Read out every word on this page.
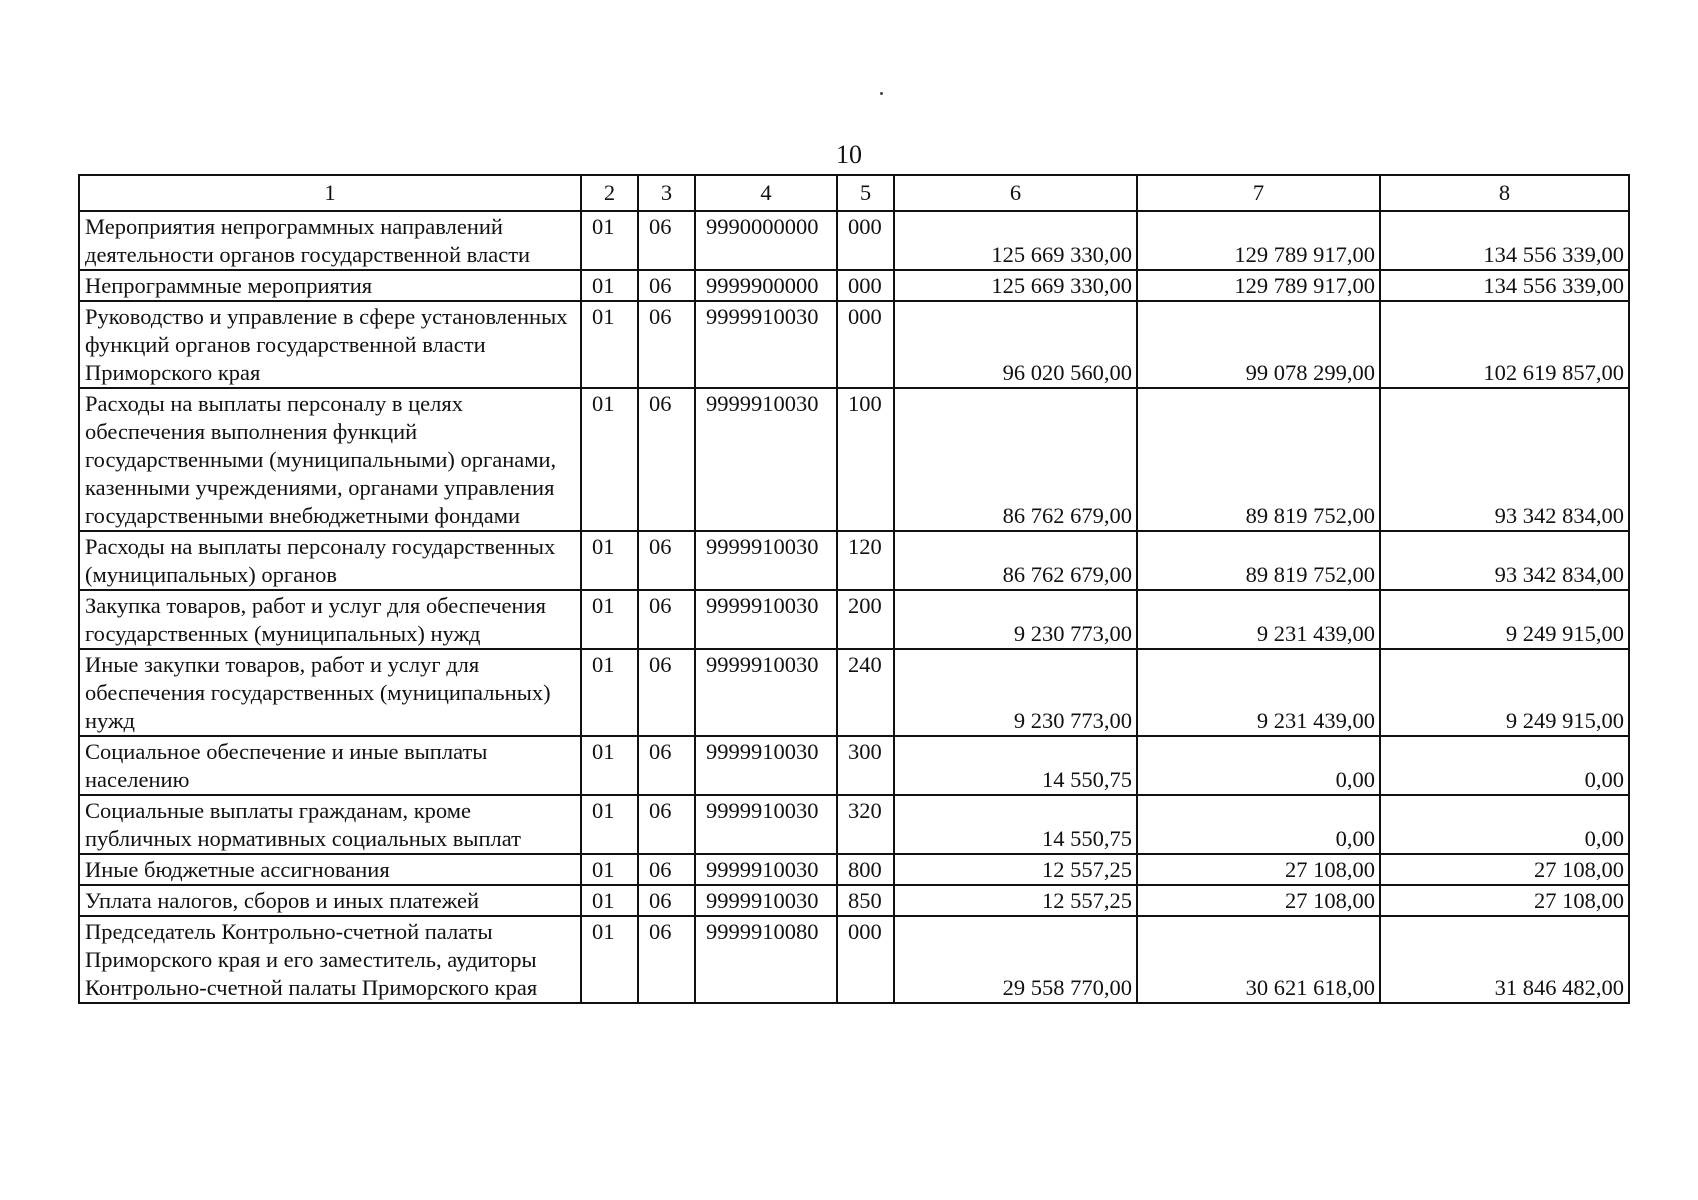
10
1	2	3	4	5	6	7	8
Мероприятия непрограммных направлений деятельности органов государственной власти	01	06	9990000000	000	125 669 330,00	129 789 917,00	134 556 339,00
Непрограммные мероприятия	01	06	9999900000	000	125 669 330,00	129 789 917,00	134 556 339,00
Руководство и управление в сфере установленных функций органов государственной власти Приморского края	01	06	9999910030	000	96 020 560,00	99 078 299,00	102 619 857,00
Расходы на выплаты персоналу в целях обеспечения выполнения функций государственными (муниципальными) органами, казенными учреждениями, органами управления государственными внебюджетными фондами	01	06	9999910030	100	86 762 679,00	89 819 752,00	93 342 834,00
Расходы на выплаты персоналу государственных (муниципальных) органов	01	06	9999910030	120	86 762 679,00	89 819 752,00	93 342 834,00
Закупка товаров, работ и услуг для обеспечения государственных (муниципальных) нужд	01	06	9999910030	200	9 230 773,00	9 231 439,00	9 249 915,00
Иные закупки товаров, работ и услуг для обеспечения государственных (муниципальных) нужд	01	06	9999910030	240	9 230 773,00	9 231 439,00	9 249 915,00
Социальное обеспечение и иные выплаты населению	01	06	9999910030	300	14 550,75	0,00	0,00
Социальные выплаты гражданам, кроме публичных нормативных социальных выплат	01	06	9999910030	320	14 550,75	0,00	0,00
Иные бюджетные ассигнования	01	06	9999910030	800	12 557,25	27 108,00	27 108,00
Уплата налогов, сборов и иных платежей	01	06	9999910030	850	12 557,25	27 108,00	27 108,00
Председатель Контрольно-счетной палаты Приморского края и его заместитель, аудиторы Контрольно-счетной палаты Приморского края	01	06	9999910080	000	29 558 770,00	30 621 618,00	31 846 482,00
